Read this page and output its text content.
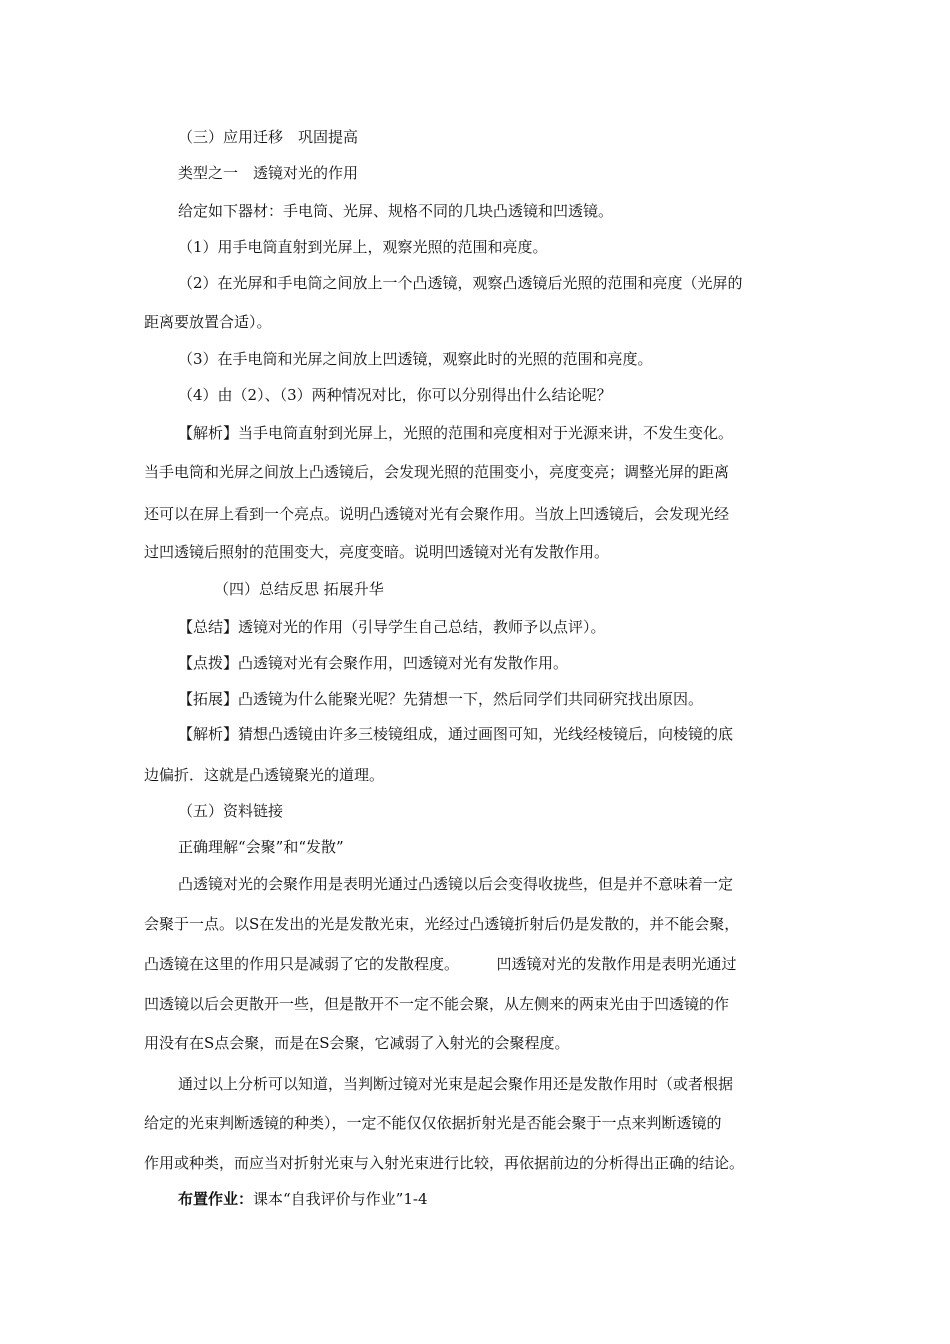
（三）应用迁移　巩固提高
类型之一　透镜对光的作用
给定如下器材：手电筒、光屏、规格不同的几块凸透镜和凹透镜。
（1）用手电筒直射到光屏上，观察光照的范围和亮度。
（2）在光屏和手电筒之间放上一个凸透镜，观察凸透镜后光照的范围和亮度（光屏的
距离要放置合适）。
（3）在手电筒和光屏之间放上凹透镜，观察此时的光照的范围和亮度。
（4）由（2）、（3）两种情况对比，你可以分别得出什么结论呢？
【解析】当手电筒直射到光屏上，光照的范围和亮度相对于光源来讲，不发生变化。
当手电筒和光屏之间放上凸透镜后，会发现光照的范围变小，亮度变亮；调整光屏的距离
还可以在屏上看到一个亮点。说明凸透镜对光有会聚作用。当放上凹透镜后，会发现光经
过凹透镜后照射的范围变大，亮度变暗。说明凹透镜对光有发散作用。
（四）总结反思 拓展升华
【总结】透镜对光的作用（引导学生自己总结，教师予以点评）。
【点拨】凸透镜对光有会聚作用，凹透镜对光有发散作用。
【拓展】凸透镜为什么能聚光呢？先猜想一下，然后同学们共同研究找出原因。
【解析】猜想凸透镜由许多三棱镜组成，通过画图可知，光线经棱镜后，向棱镜的底
边偏折．这就是凸透镜聚光的道理。
（五）资料链接
正确理解“会聚”和“发散”
凸透镜对光的会聚作用是表明光通过凸透镜以后会变得收拢些，但是并不意味着一定
会聚于一点。以S在发出的光是发散光束，光经过凸透镜折射后仍是发散的，并不能会聚，
凸透镜在这里的作用只是减弱了它的发散程度。　　　凹透镜对光的发散作用是表明光通过
凹透镜以后会更散开一些，但是散开不一定不能会聚，从左侧来的两束光由于凹透镜的作
用没有在S点会聚，而是在S会聚，它减弱了入射光的会聚程度。
通过以上分析可以知道，当判断过镜对光束是起会聚作用还是发散作用时（或者根据
给定的光束判断透镜的种类），一定不能仅仅依据折射光是否能会聚于一点来判断透镜的
作用或种类，而应当对折射光束与入射光束进行比较，再依据前边的分析得出正确的结论。
布置作业：课本“自我评价与作业”1-4
